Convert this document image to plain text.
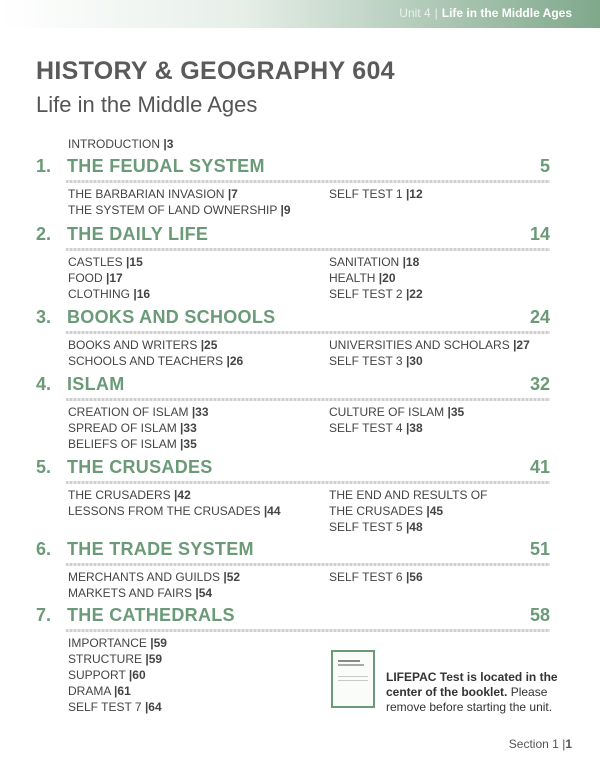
Unit 4 | Life in the Middle Ages
HISTORY & GEOGRAPHY 604
Life in the Middle Ages
INTRODUCTION |3
1. THE FEUDAL SYSTEM	5
THE BARBARIAN INVASION |7
THE SYSTEM OF LAND OWNERSHIP |9
SELF TEST 1 |12
2. THE DAILY LIFE	14
CASTLES |15
FOOD |17
CLOTHING |16
SANITATION |18
HEALTH |20
SELF TEST 2 |22
3. BOOKS AND SCHOOLS	24
BOOKS AND WRITERS |25
SCHOOLS AND TEACHERS |26
UNIVERSITIES AND SCHOLARS |27
SELF TEST 3 |30
4. ISLAM	32
CREATION OF ISLAM |33
SPREAD OF ISLAM |33
BELIEFS OF ISLAM |35
CULTURE OF ISLAM |35
SELF TEST 4 |38
5. THE CRUSADES	41
THE CRUSADERS |42
LESSONS FROM THE CRUSADES |44
THE END AND RESULTS OF
THE CRUSADES |45
SELF TEST 5 |48
6. THE TRADE SYSTEM	51
MERCHANTS AND GUILDS |52
MARKETS AND FAIRS |54
SELF TEST 6 |56
7. THE CATHEDRALS	58
IMPORTANCE |59
STRUCTURE |59
SUPPORT |60
DRAMA |61
SELF TEST 7 |64
LIFEPAC Test is located in the center of the booklet. Please remove before starting the unit.
Section 1 |1
